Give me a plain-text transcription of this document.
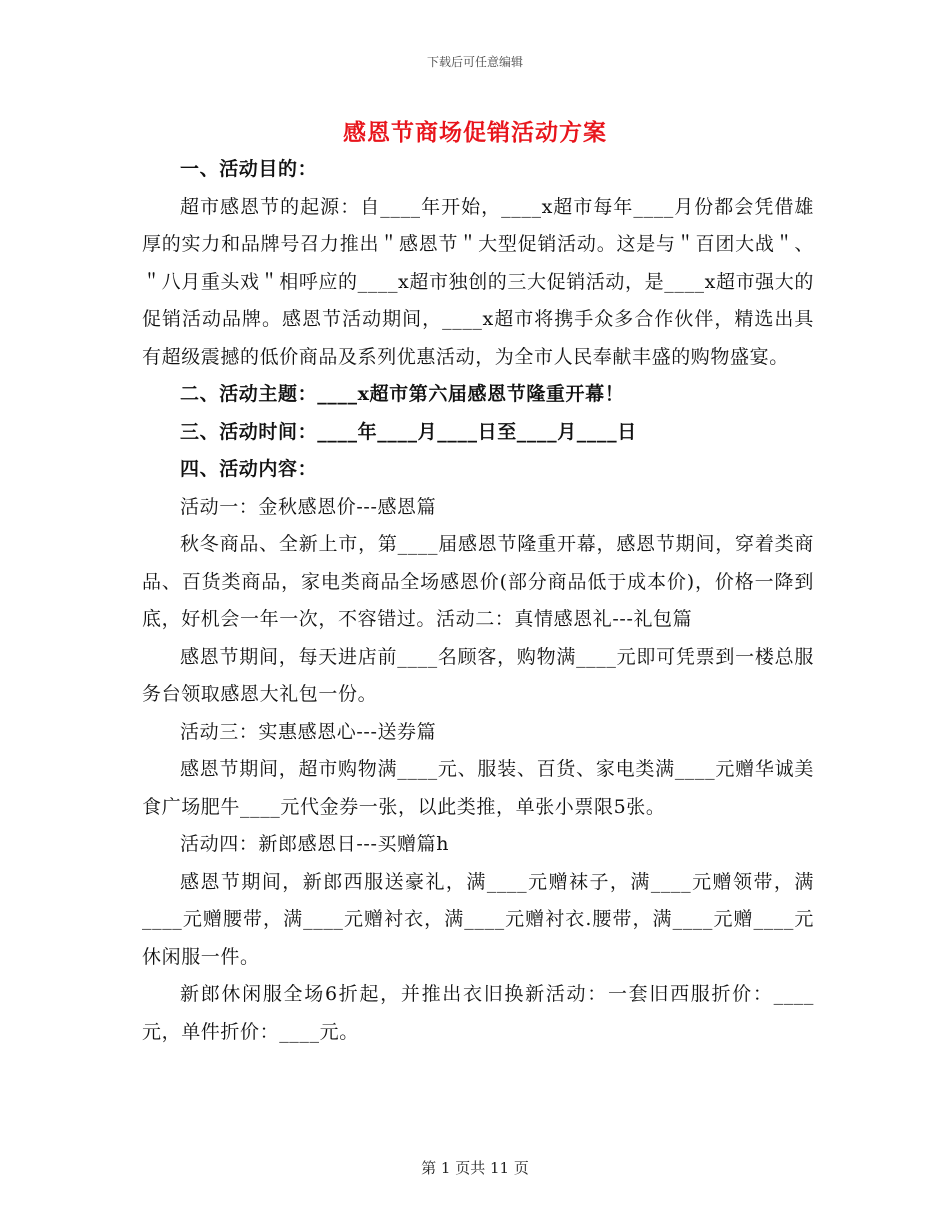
下载后可任意编辑
感恩节商场促销活动方案

一、活动目的：

超市感恩节的起源：自____年开始，____x超市每年____月份都会凭借雄厚的实力和品牌号召力推出＂感恩节＂大型促销活动。这是与＂百团大战＂、＂八月重头戏＂相呼应的____x超市独创的三大促销活动，是____x超市强大的促销活动品牌。感恩节活动期间，____x超市将携手众多合作伙伴，精选出具有超级震撼的低价商品及系列优惠活动，为全市人民奉献丰盛的购物盛宴。

二、活动主题：____x超市第六届感恩节隆重开幕！

三、活动时间：____年____月____日至____月____日

四、活动内容：

活动一：金秋感恩价---感恩篇

秋冬商品、全新上市，第____届感恩节隆重开幕，感恩节期间，穿着类商品、百货类商品，家电类商品全场感恩价(部分商品低于成本价)，价格一降到底，好机会一年一次，不容错过。活动二：真情感恩礼---礼包篇

感恩节期间，每天进店前____名顾客，购物满____元即可凭票到一楼总服务台领取感恩大礼包一份。

活动三：实惠感恩心---送券篇

感恩节期间，超市购物满____元、服装、百货、家电类满____元赠华诚美食广场肥牛____元代金券一张，以此类推，单张小票限5张。

活动四：新郎感恩日---买赠篇h

感恩节期间，新郎西服送豪礼，满____元赠袜子，满____元赠领带，满____元赠腰带，满____元赠衬衣，满____元赠衬衣.腰带，满____元赠____元休闲服一件。

新郎休闲服全场6折起，并推出衣旧换新活动：一套旧西服折价：____元，单件折价：____元。

第 1 页共 11 页
